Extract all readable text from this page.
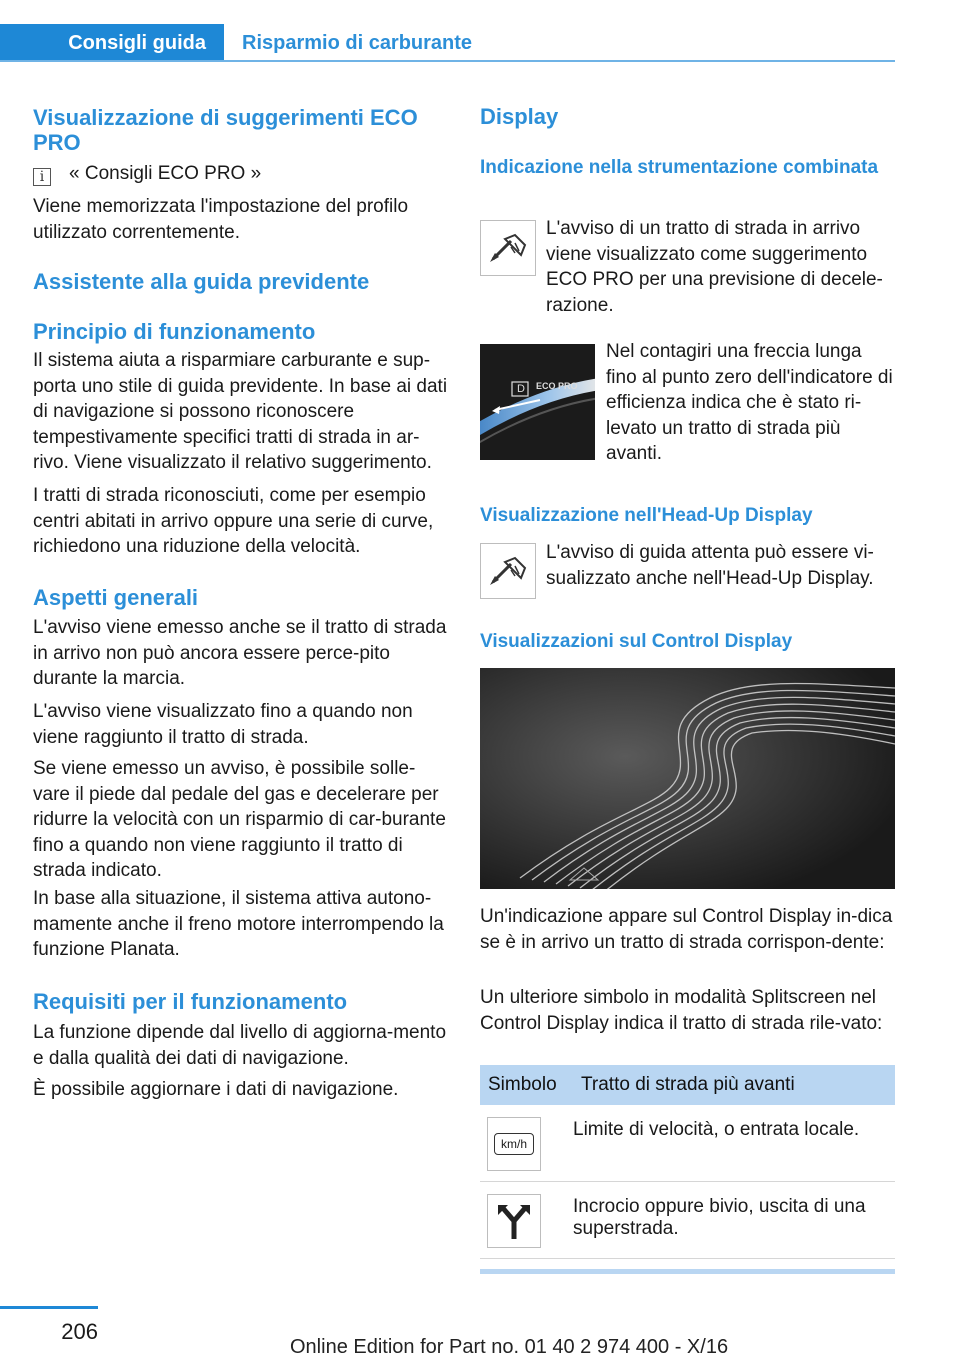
Consigli guida Risparmio di carburante
Visualizzazione di suggerimenti ECO PRO
i « Consigli ECO PRO »

Viene memorizzata l'impostazione del profilo utilizzato correntemente.

Assistente alla guida previdente
Principio di funzionamento

Il sistema aiuta a risparmiare carburante e sup-porta uno stile di guida previdente. In base ai dati di navigazione si possono riconoscere tempestivamente specifici tratti di strada in ar-rivo. Viene visualizzato il relativo suggerimento.

I tratti di strada riconosciuti, come per esempio centri abitati in arrivo oppure una serie di curve, richiedono una riduzione della velocità.

Aspetti generali

L'avviso viene emesso anche se il tratto di strada in arrivo non può ancora essere perce-pito durante la marcia.

L'avviso viene visualizzato fino a quando non viene raggiunto il tratto di strada.

Se viene emesso un avviso, è possibile solle-vare il piede dal pedale del gas e decelerare per ridurre la velocità con un risparmio di car-burante fino a quando non viene raggiunto il tratto di strada indicato.

In base alla situazione, il sistema attiva autono-mamente anche il freno motore interrompendo la funzione Planata.

Requisiti per il funzionamento

La funzione dipende dal livello di aggiorna-mento e dalla qualità dei dati di navigazione.

È possibile aggiornare i dati di navigazione.

Display
Indicazione nella strumentazione combinata

L'avviso di un tratto di strada in arrivo viene visualizzato come suggerimento ECO PRO per una previsione di decele-razione.

D ECO PRO

Nel contagiri una freccia lunga fino al punto zero dell'indicatore di efficienza indica che è stato ri-levato un tratto di strada più avanti.

Visualizzazione nell'Head-Up Display

L'avviso di guida attenta può essere vi-sualizzato anche nell'Head-Up Display.

Visualizzazioni sul Control Display

Un'indicazione appare sul Control Display in-dica se è in arrivo un tratto di strada corrispon-dente:

Un ulteriore simbolo in modalità Splitscreen nel Control Display indica il tratto di strada rile-vato:

Simbolo	Tratto di strada più avanti

km/h	Limite di velocità, o entrata locale.

	Incrocio oppure bivio, uscita di una superstrada.
206
Online Edition for Part no. 01 40 2 974 400 - X/16
